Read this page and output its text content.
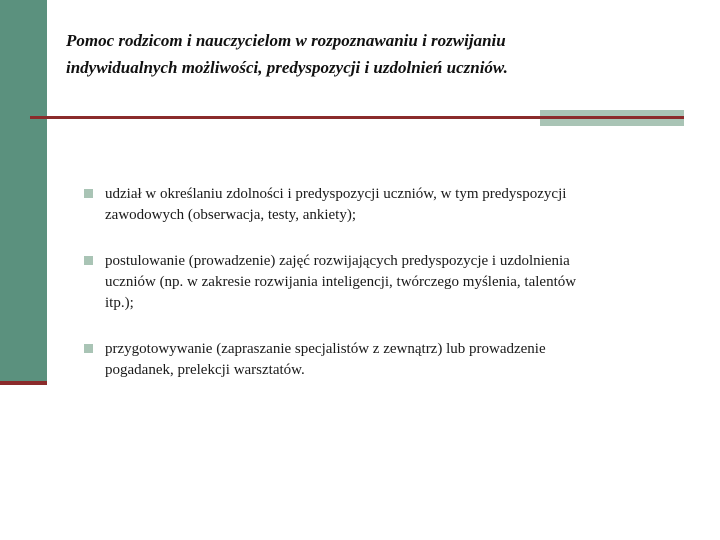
Pomoc rodzicom i nauczycielom w rozpoznawaniu i rozwijaniu
indywidualnych możliwości, predyspozycji i uzdolnień uczniów.
udział w określaniu zdolności i predyspozycji uczniów, w tym predyspozycji
zawodowych (obserwacja, testy, ankiety);
postulowanie (prowadzenie) zajęć rozwijających predyspozycje i uzdolnienia
uczniów (np. w zakresie rozwijania inteligencji, twórczego myślenia, talentów
itp.);
przygotowywanie (zapraszanie specjalistów z zewnątrz) lub prowadzenie
pogadanek, prelekcji warsztatów.
